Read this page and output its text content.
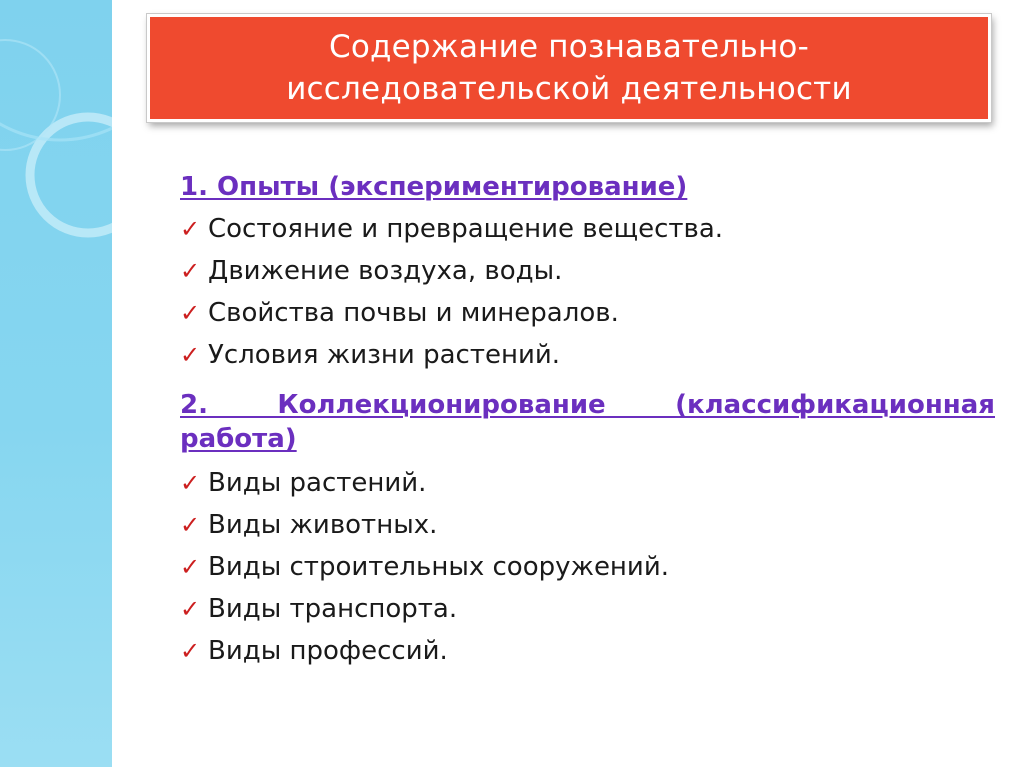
Содержание познавательно-
исследовательской деятельности
1. Опыты (экспериментирование)
✓ Состояние и превращение вещества.
✓ Движение воздуха, воды.
✓ Свойства почвы и минералов.
✓ Условия жизни растений.
2. Коллекционирование (классификационная работа)
✓ Виды растений.
✓ Виды животных.
✓ Виды строительных сооружений.
✓ Виды транспорта.
✓ Виды профессий.
